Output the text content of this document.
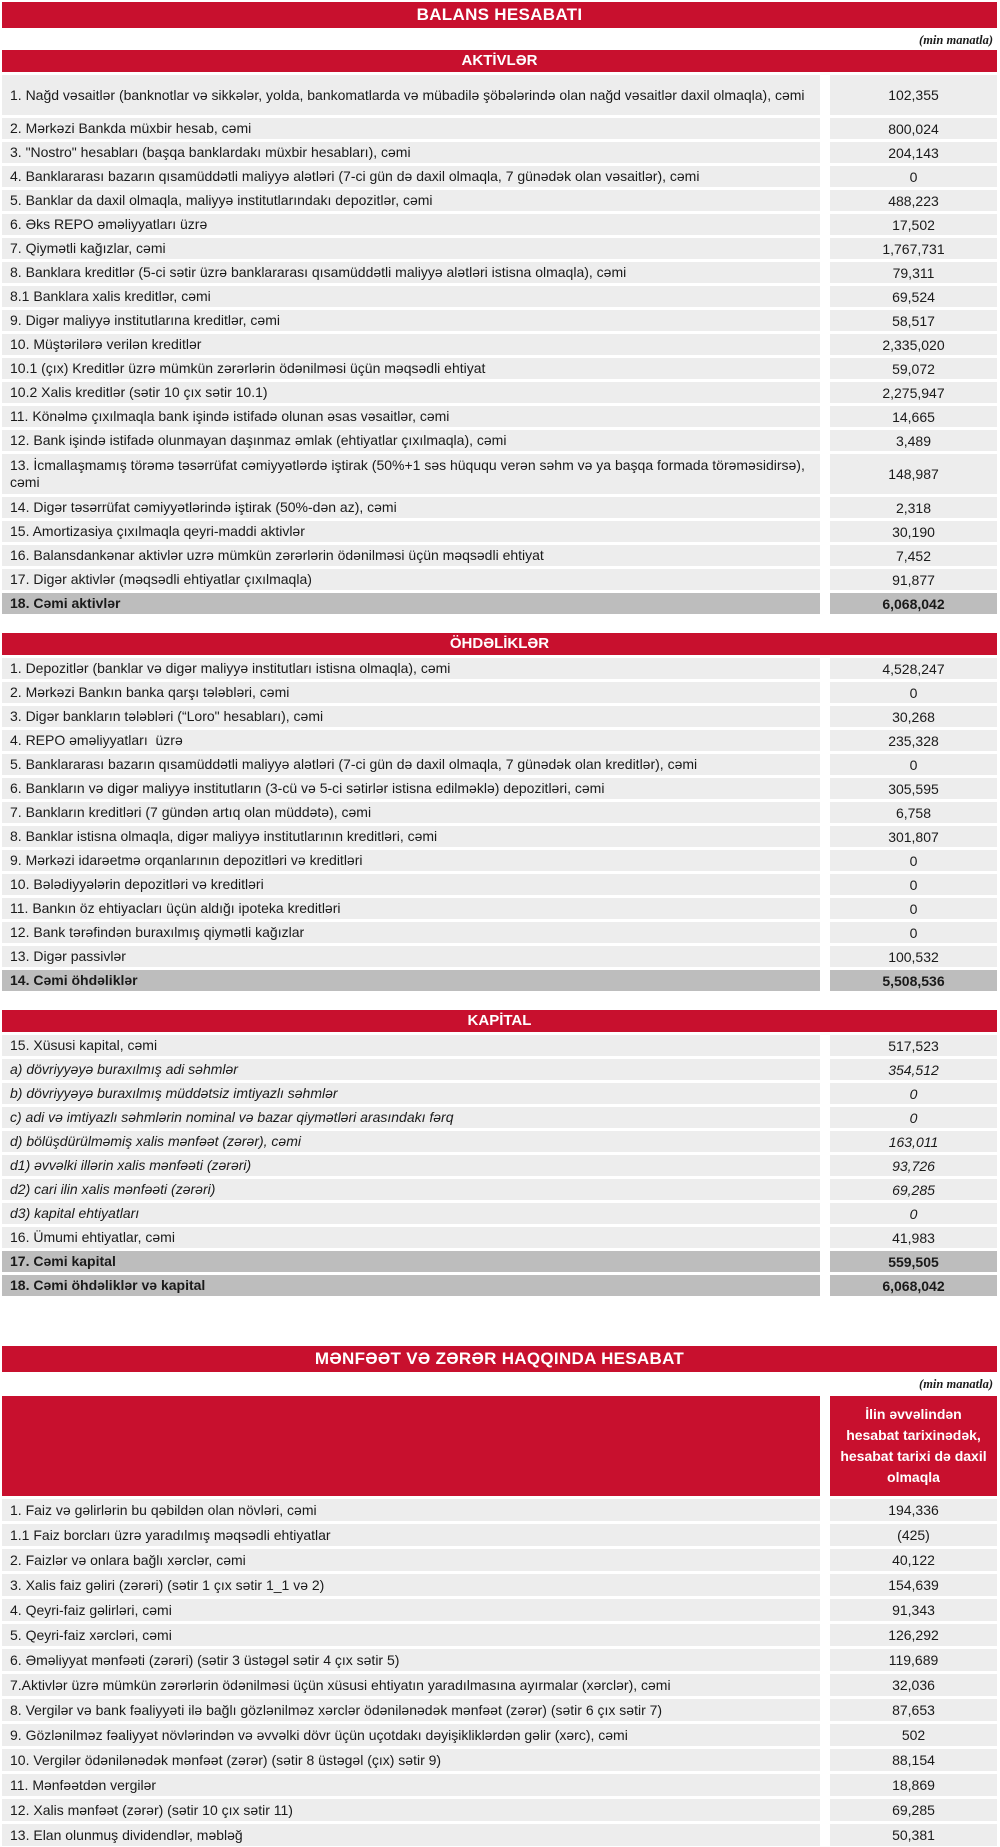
BALANS HESABATI
(min manatla)
AKTİVLƏR
1. Nağd vəsaitlər (banknotlar və sikkələr, yolda, bankomatlarda və mübadilə şöbələrində olan nağd vəsaitlər daxil olmaqla), cəmi	102,355
2. Mərkəzi Bankda müxbir hesab, cəmi	800,024
3. "Nostro" hesabları (başqa banklardakı müxbir hesabları), cəmi	204,143
4. Banklararası bazarın qısamüddətli maliyyə alətləri (7-ci gün də daxil olmaqla, 7 günədək olan vəsaitlər), cəmi	0
5. Banklar da daxil olmaqla, maliyyə institutlarındakı depozitlər, cəmi	488,223
6. Əks REPO əməliyyatları üzrə	17,502
7. Qiymətli kağızlar, cəmi	1,767,731
8. Banklara kreditlər (5-ci sətir üzrə banklararası qısamüddətli maliyyə alətləri istisna olmaqla), cəmi	79,311
8.1 Banklara xalis kreditlər, cəmi	69,524
9. Digər maliyyə institutlarına kreditlər, cəmi	58,517
10. Müştərilərə verilən kreditlər	2,335,020
10.1 (çıx) Kreditlər üzrə mümkün zərərlərin ödənilməsi üçün məqsədli ehtiyat	59,072
10.2 Xalis kreditlər (sətir 10 çıx sətir 10.1)	2,275,947
11. Könəlmə çıxılmaqla bank işində istifadə olunan əsas vəsaitlər, cəmi	14,665
12. Bank işində istifadə olunmayan daşınmaz əmlak (ehtiyatlar çıxılmaqla), cəmi	3,489
13. İcmallaşmamış törəmə təsərrüfat cəmiyyətlərdə iştirak (50%+1 səs hüququ verən səhm və ya başqa formada törəməsidirsə), cəmi	148,987
14. Digər təsərrüfat cəmiyyətlərində iştirak (50%-dən az), cəmi	2,318
15. Amortizasiya çıxılmaqla qeyri-maddi aktivlər	30,190
16. Balansdankənar aktivlər uzrə mümkün zərərlərin ödənilməsi üçün məqsədli ehtiyat	7,452
17. Digər aktivlər (məqsədli ehtiyatlar çıxılmaqla)	91,877
18. Cəmi aktivlər	6,068,042
ÖHDƏLİKLƏR
1. Depozitlər (banklar və digər maliyyə institutları istisna olmaqla), cəmi	4,528,247
2. Mərkəzi Bankın banka qarşı tələbləri, cəmi	0
3. Digər bankların tələbləri (“Loro" hesabları), cəmi	30,268
4. REPO əməliyyatları  üzrə	235,328
5. Banklararası bazarın qısamüddətli maliyyə alətləri (7-ci gün də daxil olmaqla, 7 günədək olan kreditlər), cəmi	0
6. Bankların və digər maliyyə institutların (3-cü və 5-ci sətirlər istisna edilməklə) depozitləri, cəmi	305,595
7. Bankların kreditləri (7 gündən artıq olan müddətə), cəmi	6,758
8. Banklar istisna olmaqla, digər maliyyə institutlarının kreditləri, cəmi	301,807
9. Mərkəzi idarəetmə orqanlarının depozitləri və kreditləri	0
10. Bələdiyyələrin depozitləri və kreditləri	0
11. Bankın öz ehtiyacları üçün aldığı ipoteka kreditləri	0
12. Bank tərəfindən buraxılmış qiymətli kağızlar	0
13. Digər passivlər	100,532
14. Cəmi öhdəliklər	5,508,536
KAPİTAL
15. Xüsusi kapital, cəmi	517,523
a) dövriyyəyə buraxılmış adi səhmlər	354,512
b) dövriyyəyə buraxılmış müddətsiz imtiyazlı səhmlər	0
c) adi və imtiyazlı səhmlərin nominal və bazar qiymətləri arasındakı fərq	0
d) bölüşdürülməmiş xalis mənfəət (zərər), cəmi	163,011
d1) əvvəlki illərin xalis mənfəəti (zərəri)	93,726
d2) cari ilin xalis mənfəəti (zərəri)	69,285
d3) kapital ehtiyatları	0
16. Ümumi ehtiyatlar, cəmi	41,983
17. Cəmi kapital	559,505
18. Cəmi öhdəliklər və kapital	6,068,042
MƏNFƏƏT VƏ ZƏRƏR HAQQINDA HESABAT
(min manatla)
İlin əvvəlindən hesabat tarixinədək, hesabat tarixi də daxil olmaqla
1. Faiz və gəlirlərin bu qəbildən olan növləri, cəmi	194,336
1.1 Faiz borcları üzrə yaradılmış məqsədli ehtiyatlar	(425)
2. Faizlər və onlara bağlı xərclər, cəmi	40,122
3. Xalis faiz gəliri (zərəri) (sətir 1 çıx sətir 1_1 və 2)	154,639
4. Qeyri-faiz gəlirləri, cəmi	91,343
5. Qeyri-faiz xərcləri, cəmi	126,292
6. Əməliyyat mənfəəti (zərəri) (sətir 3 üstəgəl sətir 4 çıx sətir 5)	119,689
7.Aktivlər üzrə mümkün zərərlərin ödənilməsi üçün xüsusi ehtiyatın yaradılmasına ayırmalar (xərclər), cəmi	32,036
8. Vergilər və bank fəaliyyəti ilə bağlı gözlənilməz xərclər ödənilənədək mənfəət (zərər) (sətir 6 çıx sətir 7)	87,653
9. Gözlənilməz fəaliyyət növlərindən və əvvəlki dövr üçün uçotdakı dəyişikliklərdən gəlir (xərc), cəmi	502
10. Vergilər ödənilənədək mənfəət (zərər) (sətir 8 üstəgəl (çıx) sətir 9)	88,154
11. Mənfəətdən vergilər	18,869
12. Xalis mənfəət (zərər) (sətir 10 çıx sətir 11)	69,285
13. Elan olunmuş dividendlər, məbləğ	50,381
